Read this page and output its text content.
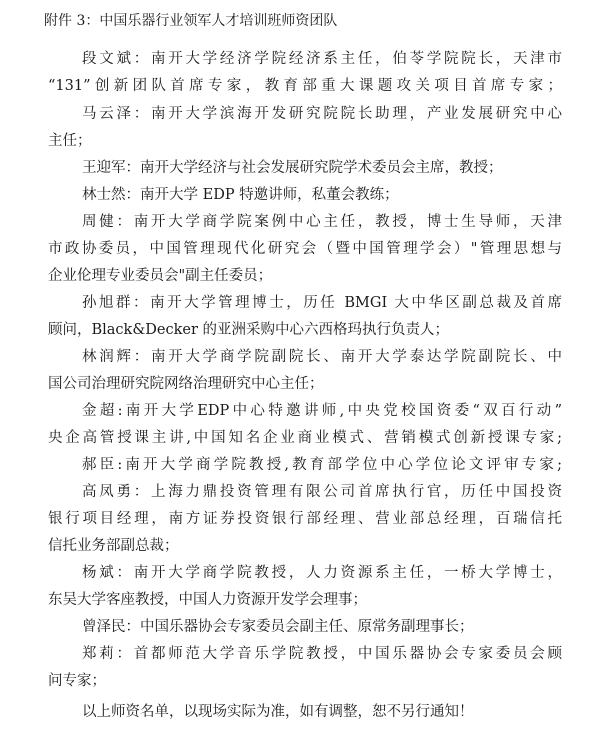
附件 3：中国乐器行业领军人才培训班师资团队
段文斌：南开大学经济学院经济系主任，伯苓学院院长，天津市
“131”创新团队首席专家，教育部重大课题攻关项目首席专家；
马云泽：南开大学滨海开发研究院院长助理，产业发展研究中心
主任；
王迎军：南开大学经济与社会发展研究院学术委员会主席，教授；
林士然：南开大学 EDP 特邀讲师，私董会教练；
周健：南开大学商学院案例中心主任，教授，博士生导师，天津
市政协委员，中国管理现代化研究会（暨中国管理学会）"管理思想与
企业伦理专业委员会"副主任委员；
孙旭群：南开大学管理博士，历任 BMGI 大中华区副总裁及首席
顾问，Black&Decker 的亚洲采购中心六西格玛执行负责人；
林润辉：南开大学商学院副院长、南开大学泰达学院副院长、中
国公司治理研究院网络治理研究中心主任；
金超:南开大学EDP中心特邀讲师,中央党校国资委“双百行动”
央企高管授课主讲,中国知名企业商业模式、营销模式创新授课专家;
郝臣:南开大学商学院教授,教育部学位中心学位论文评审专家;
高凤勇：上海力鼎投资管理有限公司首席执行官，历任中国投资
银行项目经理，南方证券投资银行部经理、营业部总经理，百瑞信托
信托业务部副总裁；
杨斌：南开大学商学院教授，人力资源系主任，一桥大学博士，
东吴大学客座教授，中国人力资源开发学会理事；
曾泽民：中国乐器协会专家委员会副主任、原常务副理事长；
郑莉：首都师范大学音乐学院教授，中国乐器协会专家委员会顾
问专家；
以上师资名单，以现场实际为准，如有调整，恕不另行通知！
